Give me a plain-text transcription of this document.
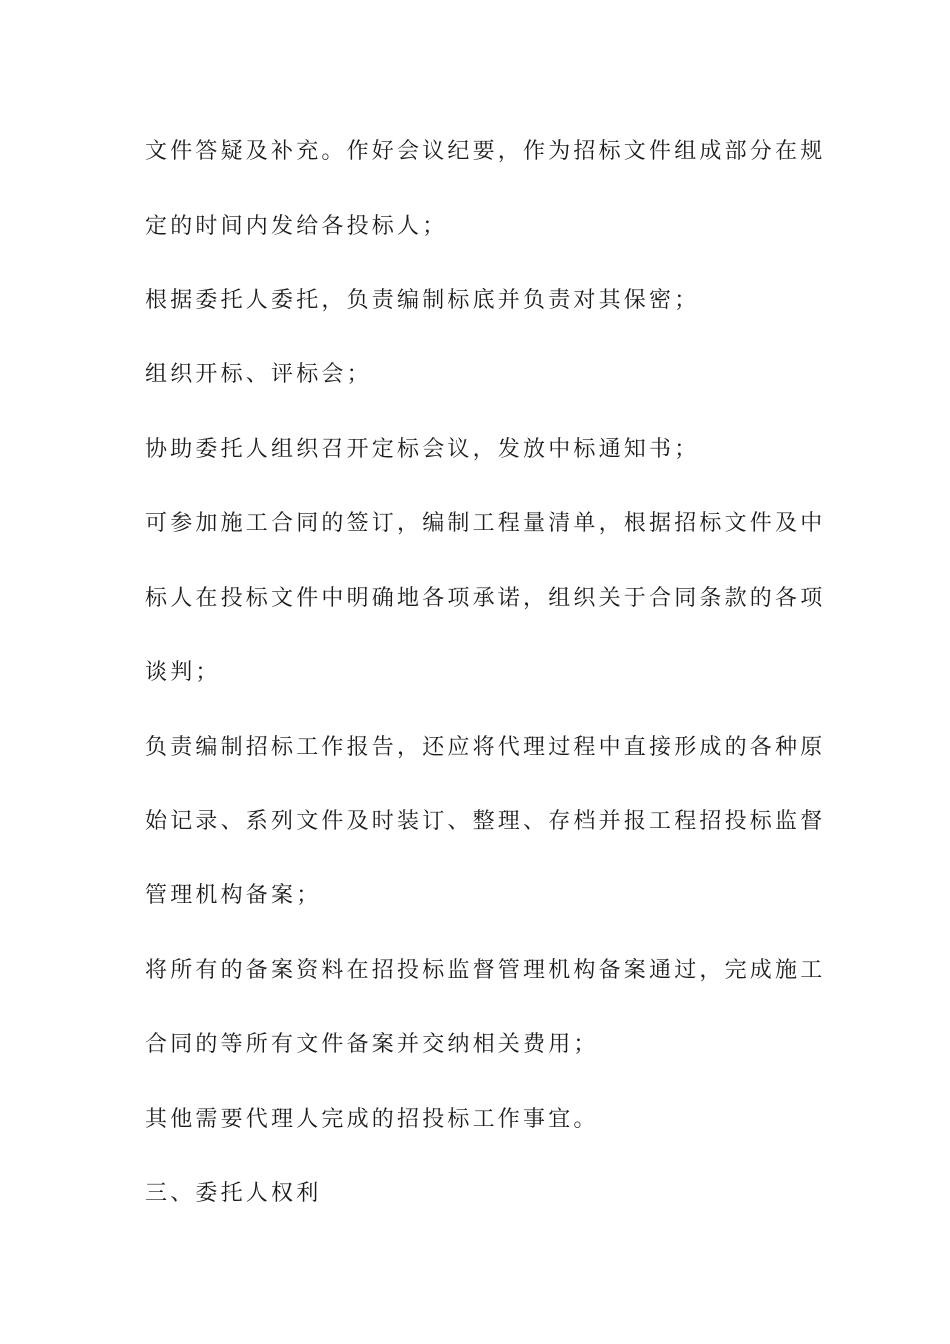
文件答疑及补充。作好会议纪要，作为招标文件组成部分在规
定的时间内发给各投标人；
根据委托人委托，负责编制标底并负责对其保密；
组织开标、评标会；
协助委托人组织召开定标会议，发放中标通知书；
可参加施工合同的签订，编制工程量清单，根据招标文件及中
标人在投标文件中明确地各项承诺，组织关于合同条款的各项
谈判；
负责编制招标工作报告，还应将代理过程中直接形成的各种原
始记录、系列文件及时装订、整理、存档并报工程招投标监督
管理机构备案；
将所有的备案资料在招投标监督管理机构备案通过，完成施工
合同的等所有文件备案并交纳相关费用；
其他需要代理人完成的招投标工作事宜。
三、委托人权利
